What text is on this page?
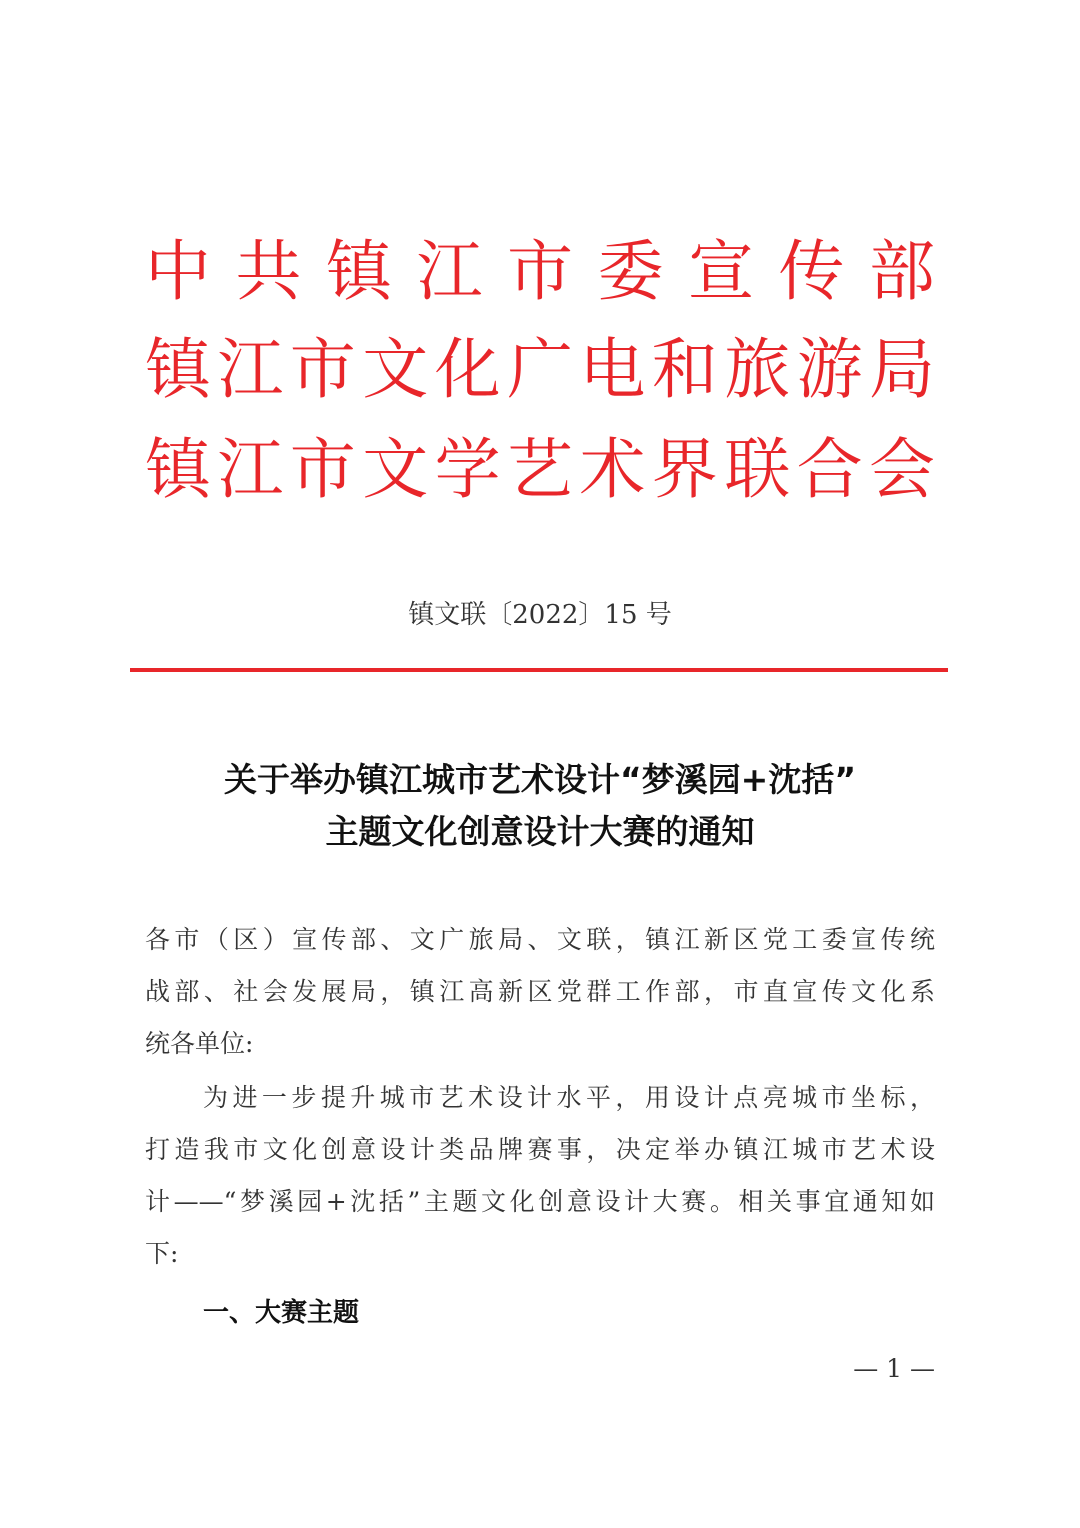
中共镇江市委宣传部
镇江市文化广电和旅游局
镇江市文学艺术界联合会
镇文联〔2022〕15 号
关于举办镇江城市艺术设计“梦溪园+沈括”
主题文化创意设计大赛的通知
各市（区）宣传部、文广旅局、文联，镇江新区党工委宣传统
战部、社会发展局，镇江高新区党群工作部，市直宣传文化系
统各单位:
为进一步提升城市艺术设计水平，用设计点亮城市坐标，
打造我市文化创意设计类品牌赛事，决定举办镇江城市艺术设
计——“梦溪园+沈括”主题文化创意设计大赛。相关事宜通知如
下:
一、大赛主题
— 1 —
